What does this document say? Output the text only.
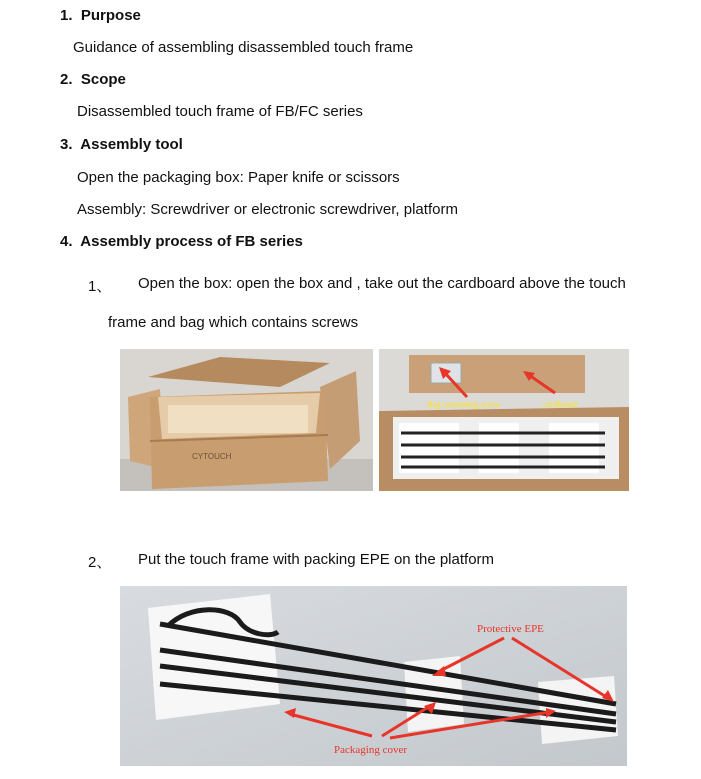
1. Purpose
Guidance of assembling disassembled touch frame
2. Scope
Disassembled touch frame of FB/FC series
3. Assembly tool
Open the packaging box: Paper knife or scissors
Assembly: Screwdriver or electronic screwdriver, platform
4. Assembly process of FB series
1、 Open the box: open the box and , take out the cardboard above the touch
frame and bag which contains screws
CYTOUCH
Bag containing screw	cardboard
2、 Put the touch frame with packing EPE on the platform
Protective EPE
Packaging cover
